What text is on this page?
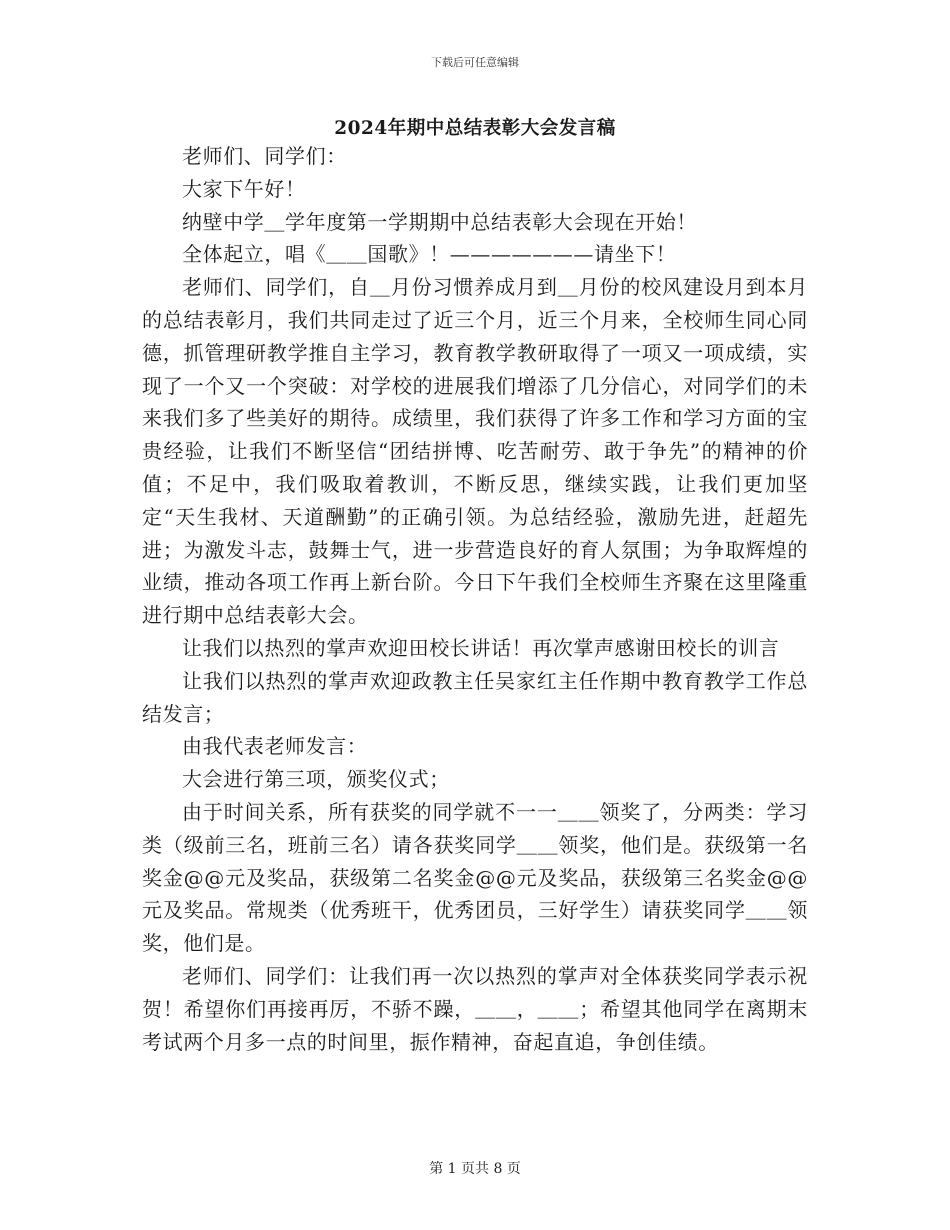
下载后可任意编辑
2024年期中总结表彰大会发言稿

老师们、同学们：

大家下午好！

纳壁中学＿学年度第一学期期中总结表彰大会现在开始！

全体起立，唱《＿＿国歌》！———————请坐下！

老师们、同学们，自＿月份习惯养成月到＿月份的校风建设月到本月的总结表彰月，我们共同走过了近三个月，近三个月来，全校师生同心同德，抓管理研教学推自主学习，教育教学教研取得了一项又一项成绩，实现了一个又一个突破：对学校的进展我们增添了几分信心，对同学们的未来我们多了些美好的期待。成绩里，我们获得了许多工作和学习方面的宝贵经验，让我们不断坚信“团结拼博、吃苦耐劳、敢于争先”的精神的价值；不足中，我们吸取着教训，不断反思，继续实践，让我们更加坚定“天生我材、天道酬勤”的正确引领。为总结经验，激励先进，赶超先进；为激发斗志，鼓舞士气，进一步营造良好的育人氛围；为争取辉煌的业绩，推动各项工作再上新台阶。今日下午我们全校师生齐聚在这里隆重进行期中总结表彰大会。

让我们以热烈的掌声欢迎田校长讲话！再次掌声感谢田校长的训言

让我们以热烈的掌声欢迎政教主任吴家红主任作期中教育教学工作总结发言；

由我代表老师发言：

大会进行第三项，颁奖仪式；

由于时间关系，所有获奖的同学就不一一＿＿领奖了，分两类：学习类（级前三名，班前三名）请各获奖同学＿＿领奖，他们是。获级第一名奖金@@元及奖品，获级第二名奖金@@元及奖品，获级第三名奖金@@元及奖品。常规类（优秀班干，优秀团员，三好学生）请获奖同学＿＿领奖，他们是。

老师们、同学们：让我们再一次以热烈的掌声对全体获奖同学表示祝贺！希望你们再接再厉，不骄不躁，＿＿，＿＿；希望其他同学在离期末考试两个月多一点的时间里，振作精神，奋起直追，争创佳绩。

第 1 页共 8 页
